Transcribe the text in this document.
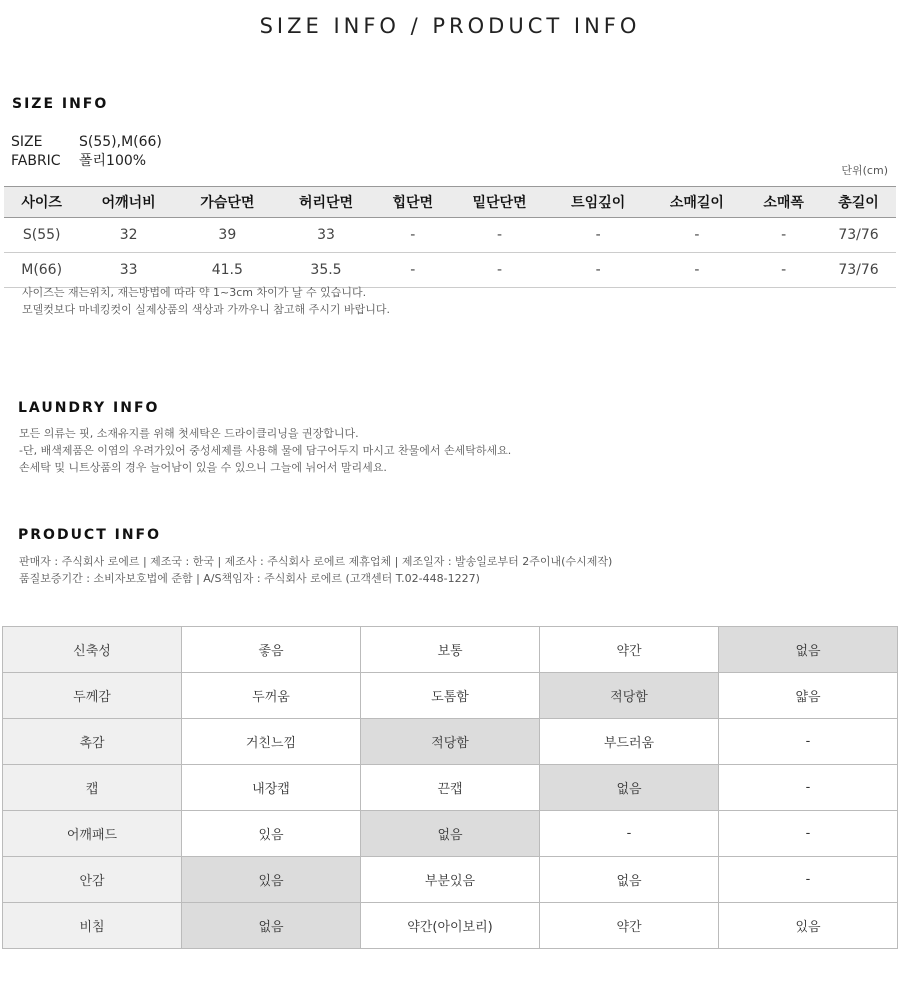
SIZE INFO / PRODUCT INFO
SIZE INFO
SIZE	S(55),M(66)
FABRIC 폴리100%
단위(cm)
사이즈	어깨너비	가슴단면	허리단면	힙단면	밑단단면	트임깊이	소매길이	소매폭	총길이
S(55)	32	39	33	-	-	-	-	-	73/76
M(66)	33	41.5	35.5	-	-	-	-	-	73/76
사이즈는 재는위치, 재는방법에 따라 약 1~3cm 차이가 날 수 있습니다.
모델컷보다 마네킹컷이 실제상품의 색상과 가까우니 참고해 주시기 바랍니다.
LAUNDRY INFO
모든 의류는 핏, 소재유지를 위해 첫세탁은 드라이클리닝을 권장합니다.
-단, 배색제품은 이염의 우려가있어 중성세제를 사용해 물에 담구어두지 마시고 찬물에서 손세탁하세요.
손세탁 및 니트상품의 경우 늘어남이 있을 수 있으니 그늘에 뉘어서 말리세요.
PRODUCT INFO
판매자 : 주식회사 로에르 | 제조국 : 한국 | 제조사 : 주식회사 로에르 제휴업체 | 제조일자 : 발송일로부터 2주이내(수시제작)
품질보증기간 : 소비자보호법에 준함 | A/S책임자 : 주식회사 로에르 (고객센터 T.02-448-1227)
신축성	좋음	보통	약간	없음
두께감	두꺼움	도톰함	적당함	얇음
촉감	거친느낌	적당함	부드러움	-
캡	내장캡	끈캡	없음	-
어깨패드	있음	없음	-	-
안감	있음	부분있음	없음	-
비침	없음	약간(아이보리)	약간	있음
